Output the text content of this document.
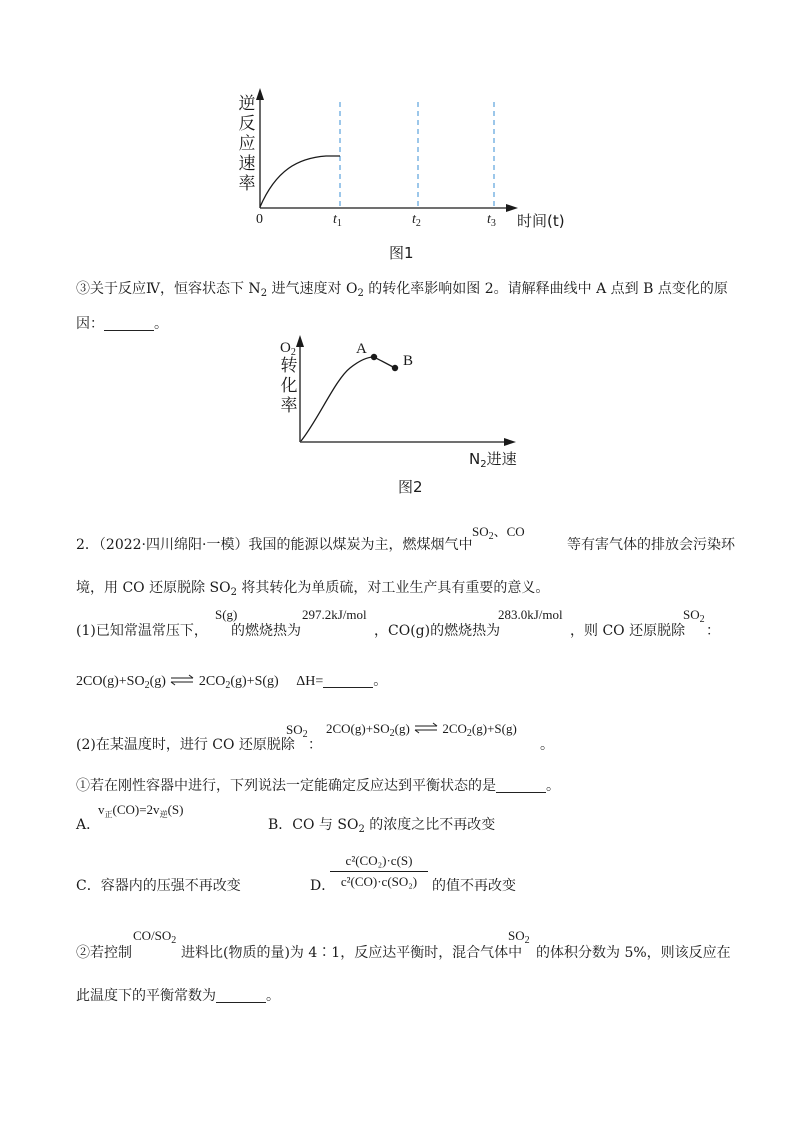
逆
反
应
速
率
0	$t_1$	$t_2$	$t_3$ 时间(t)
图1
③关于反应Ⅳ，恒容状态下 $N_2$ 进气速度对 $O_2$ 的转化率影响如图 2。请解释曲线中 A 点到 B 点变化的原
因：	。
$O_2$
转
化
率
A
B
$N_2$进速
图2
2．（2022·四川绵阳·一模）我国的能源以煤炭为主，燃煤烟气中
$SO_2$、CO
等有害气体的排放会污染环
境，用 CO 还原脱除 $SO_2$ 将其转化为单质硫，对工业生产具有重要的意义。
(1)已知常温常压下，
S(g)
的燃烧热为
297.2kJ/mol
，CO(g)的燃烧热为
283.0kJ/mol
，则 CO 还原脱除
$SO_2$
：
$2CO(g)+SO_2(g)$ ⇌ $2CO_2(g)+S(g)$ ΔH=	。
(2)在某温度时，进行 CO 还原脱除
$SO_2$
：
$2CO(g)+SO_2(g)$ ⇌ $2CO_2(g)+S(g)$
。
①若在刚性容器中进行，下列说法一定能确定反应达到平衡状态的是	。
A．
$v_正(CO)=2v_逆(S)$
B．CO 与 $SO_2$ 的浓度之比不再改变
C．容器内的压强不再改变	D．
c²(CO₂)·c(S)
c²(CO)·c(SO₂)	的值不再改变
②若控制
$CO/SO_2$
进料比(物质的量)为 4∶1，反应达平衡时，混合气体中
$SO_2$
的体积分数为 5%，则该反应在
此温度下的平衡常数为	。
